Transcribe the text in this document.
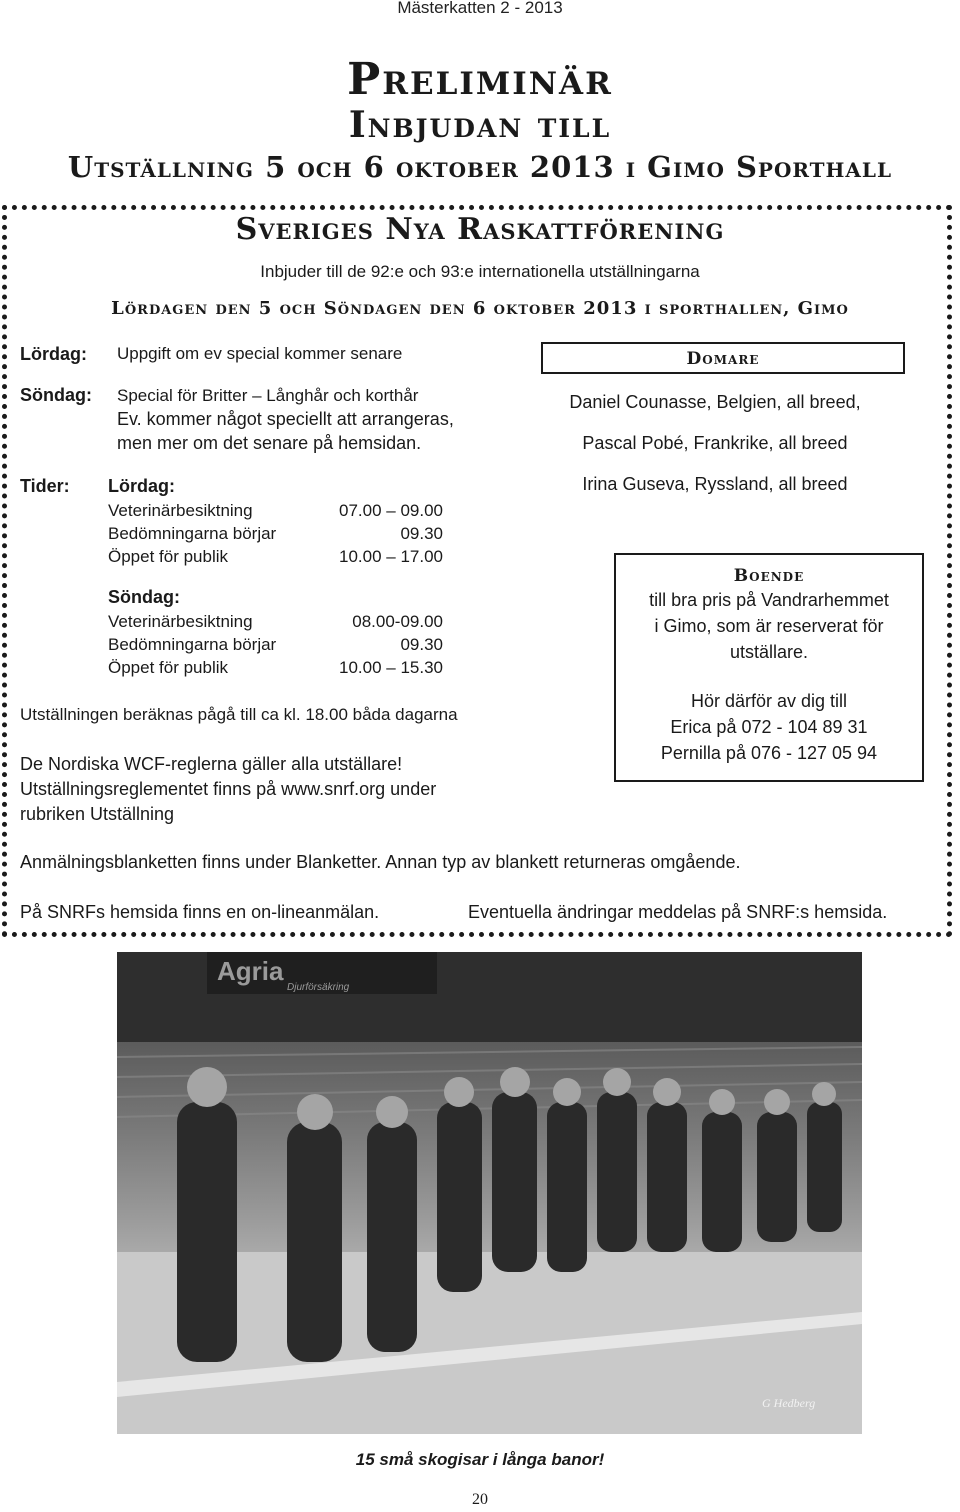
Mästerkatten 2 - 2013
Preliminär
Inbjudan till
Utställning 5 och 6 oktober 2013 i Gimo Sporthall
Sveriges Nya Raskattförening
Inbjuder till de 92:e och 93:e internationella utställningarna
Lördagen den 5 och Söndagen den 6 oktober 2013 i sporthallen, Gimo
Lördag: Uppgift om ev special kommer senare
Söndag: Special för Britter – Långhår och korthår
Ev. kommer något speciellt att arrangeras,
men mer om det senare på hemsidan.
Tider: Lördag:
Veterinärbesiktning	07.00 – 09.00
Bedömningarna börjar	09.30
Öppet för publik	10.00 – 17.00
Söndag:
Veterinärbesiktning	08.00-09.00
Bedömningarna börjar	09.30
Öppet för publik	10.00 – 15.30
Utställningen beräknas pågå till ca kl. 18.00 båda dagarna
De Nordiska WCF-reglerna gäller alla utställare!
Utställningsreglementet finns på www.snrf.org under
rubriken Utställning
Anmälningsblanketten finns under Blanketter. Annan typ av blankett returneras omgående.
På SNRFs hemsida finns en on-lineanmälan.	Eventuella ändringar meddelas på SNRF:s hemsida.
Domare
Daniel Counasse, Belgien, all breed,
Pascal Pobé, Frankrike, all breed
Irina Guseva, Ryssland, all breed
Boende
till bra pris på Vandrarhemmet
i Gimo, som är reserverat för
utställare.
Hör därför av dig till
Erica på 072 - 104 89 31
Pernilla på 076 - 127 05 94
Agria
Djurförsäkring
G Hedberg
15 små skogisar i långa banor!
20
